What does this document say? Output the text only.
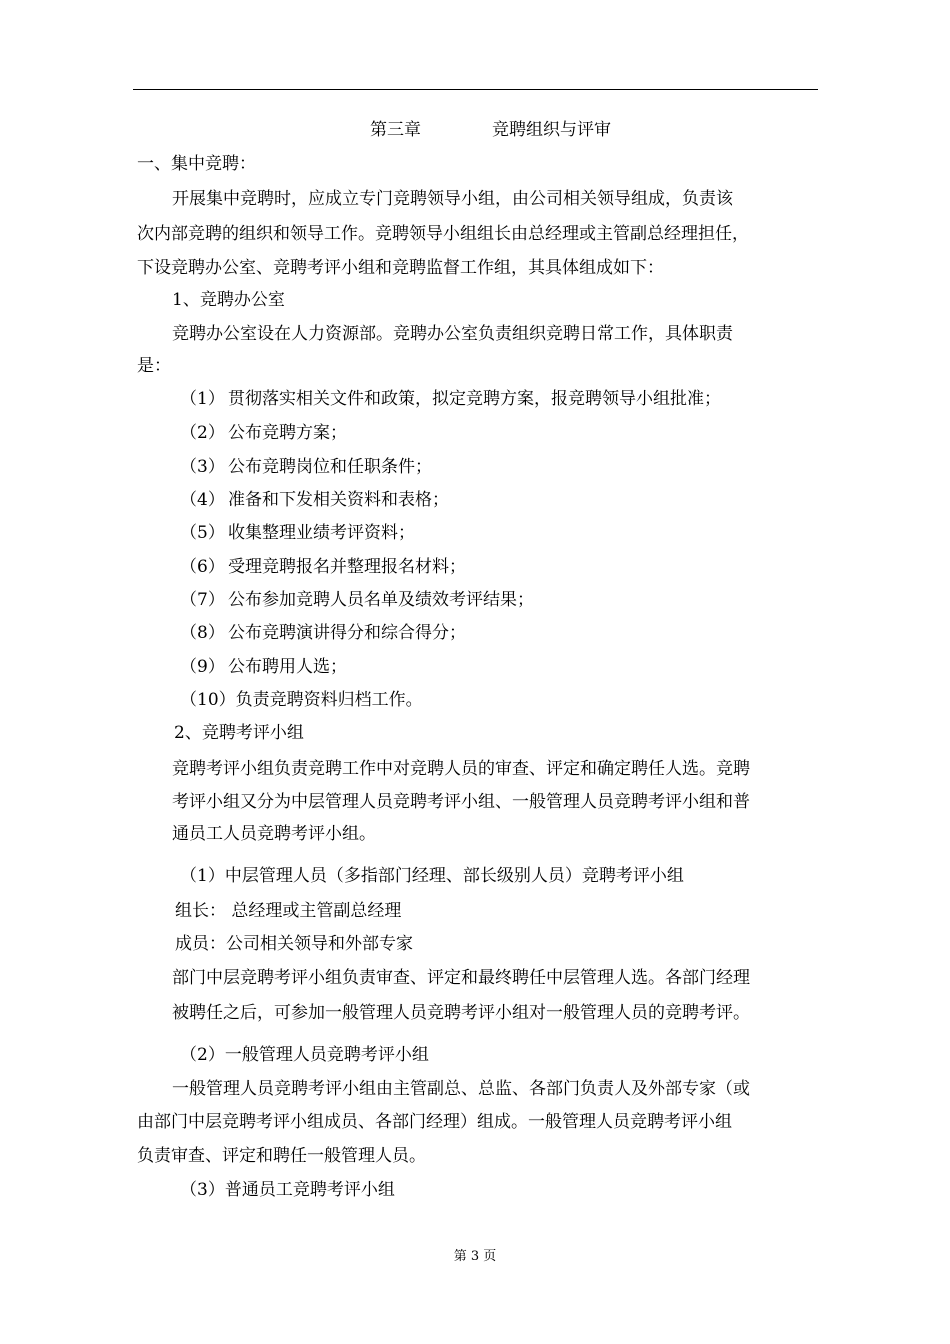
第三章	竞聘组织与评审
一、集中竞聘：
开展集中竞聘时，应成立专门竞聘领导小组，由公司相关领导组成，负责该
次内部竞聘的组织和领导工作。竞聘领导小组组长由总经理或主管副总经理担任，
下设竞聘办公室、竞聘考评小组和竞聘监督工作组，其具体组成如下：
1、竞聘办公室
竞聘办公室设在人力资源部。竞聘办公室负责组织竞聘日常工作，具体职责
是：
（1） 贯彻落实相关文件和政策，拟定竞聘方案，报竞聘领导小组批准；
（2） 公布竞聘方案；
（3） 公布竞聘岗位和任职条件；
（4） 准备和下发相关资料和表格；
（5） 收集整理业绩考评资料；
（6） 受理竞聘报名并整理报名材料；
（7） 公布参加竞聘人员名单及绩效考评结果；
（8） 公布竞聘演讲得分和综合得分；
（9） 公布聘用人选；
（10）负责竞聘资料归档工作。
2、竞聘考评小组
竞聘考评小组负责竞聘工作中对竞聘人员的审查、评定和确定聘任人选。竞聘
考评小组又分为中层管理人员竞聘考评小组、一般管理人员竞聘考评小组和普
通员工人员竞聘考评小组。
（1）中层管理人员（多指部门经理、部长级别人员）竞聘考评小组
组长： 总经理或主管副总经理
成员：公司相关领导和外部专家
部门中层竞聘考评小组负责审查、评定和最终聘任中层管理人选。各部门经理
被聘任之后，可参加一般管理人员竞聘考评小组对一般管理人员的竞聘考评。
（2）一般管理人员竞聘考评小组
一般管理人员竞聘考评小组由主管副总、总监、各部门负责人及外部专家（或
由部门中层竞聘考评小组成员、各部门经理）组成。一般管理人员竞聘考评小组
负责审查、评定和聘任一般管理人员。
（3）普通员工竞聘考评小组
第 3 页
